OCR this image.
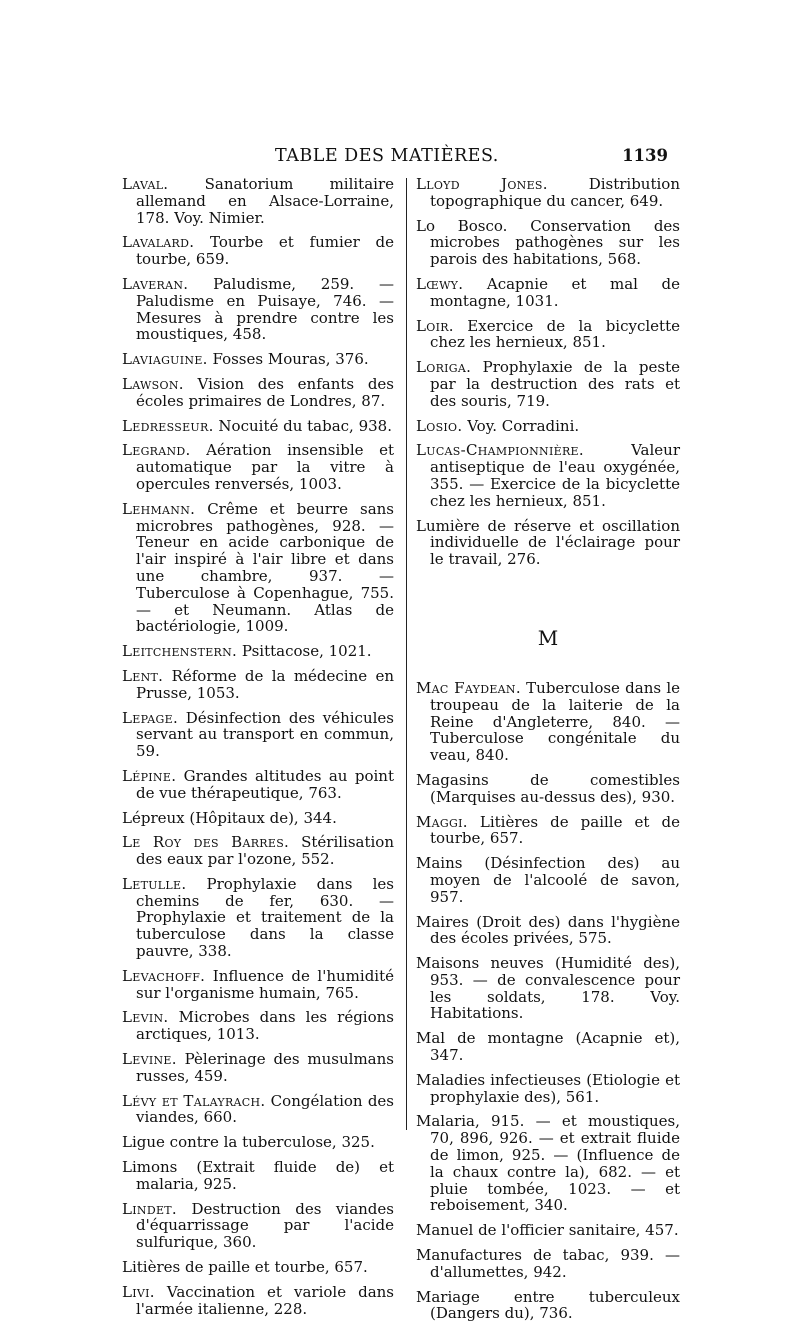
TABLE DES MATIÈRES.	1139

Laval. Sanatorium militaire allemand en Alsace-Lorraine, 178. Voy. Nimier.

Lavalard. Tourbe et fumier de tourbe, 659.

Laveran. Paludisme, 259. — Paludisme en Puisaye, 746. — Mesures à prendre contre les moustiques, 458.

Laviaguine. Fosses Mouras, 376.

Lawson. Vision des enfants des écoles primaires de Londres, 87.

Ledresseur. Nocuité du tabac, 938.

Legrand. Aération insensible et automatique par la vitre à opercules renversés, 1003.

Lehmann. Crême et beurre sans microbres pathogènes, 928. — Teneur en acide carbonique de l'air inspiré à l'air libre et dans une chambre, 937. — Tuberculose à Copenhague, 755. — et Neumann. Atlas de bactériologie, 1009.

Leitchenstern. Psittacose, 1021.

Lent. Réforme de la médecine en Prusse, 1053.

Lepage. Désinfection des véhicules servant au transport en commun, 59.

Lépine. Grandes altitudes au point de vue thérapeutique, 763.

Lépreux (Hôpitaux de), 344.

Le Roy des Barres. Stérilisation des eaux par l'ozone, 552.

Letulle. Prophylaxie dans les chemins de fer, 630. — Prophylaxie et traitement de la tuberculose dans la classe pauvre, 338.

Levachoff. Influence de l'humidité sur l'organisme humain, 765.

Levin. Microbes dans les régions arctiques, 1013.

Levine. Pèlerinage des musulmans russes, 459.

Lévy et Talayrach. Congélation des viandes, 660.

Ligue contre la tuberculose, 325.

Limons (Extrait fluide de) et malaria, 925.

Lindet. Destruction des viandes d'équarrissage par l'acide sulfurique, 360.

Litières de paille et tourbe, 657.

Livi. Vaccination et variole dans l'armée italienne, 228.

Lloyd Jones. Distribution topographique du cancer, 649.

Lo Bosco. Conservation des microbes pathogènes sur les parois des habitations, 568.

Lœwy. Acapnie et mal de montagne, 1031.

Loir. Exercice de la bicyclette chez les hernieux, 851.

Loriga. Prophylaxie de la peste par la destruction des rats et des souris, 719.

Losio. Voy. Corradini.

Lucas-Championnière. Valeur antiseptique de l'eau oxygénée, 355. — Exercice de la bicyclette chez les hernieux, 851.

Lumière de réserve et oscillation individuelle de l'éclairage pour le travail, 276.

M

Mac Faydean. Tuberculose dans le troupeau de la laiterie de la Reine d'Angleterre, 840. — Tuberculose congénitale du veau, 840.

Magasins de comestibles (Marquises au-dessus des), 930.

Maggi. Litières de paille et de tourbe, 657.

Mains (Désinfection des) au moyen de l'alcoolé de savon, 957.

Maires (Droit des) dans l'hygiène des écoles privées, 575.

Maisons neuves (Humidité des), 953. — de convalescence pour les soldats, 178. Voy. Habitations.

Mal de montagne (Acapnie et), 347.

Maladies infectieuses (Etiologie et prophylaxie des), 561.

Malaria, 915. — et moustiques, 70, 896, 926. — et extrait fluide de limon, 925. — (Influence de la chaux contre la), 682. — et pluie tombée, 1023. — et reboisement, 340.

Manuel de l'officier sanitaire, 457.

Manufactures de tabac, 939. — d'allumettes, 942.

Mariage entre tuberculeux (Dangers du), 736.
